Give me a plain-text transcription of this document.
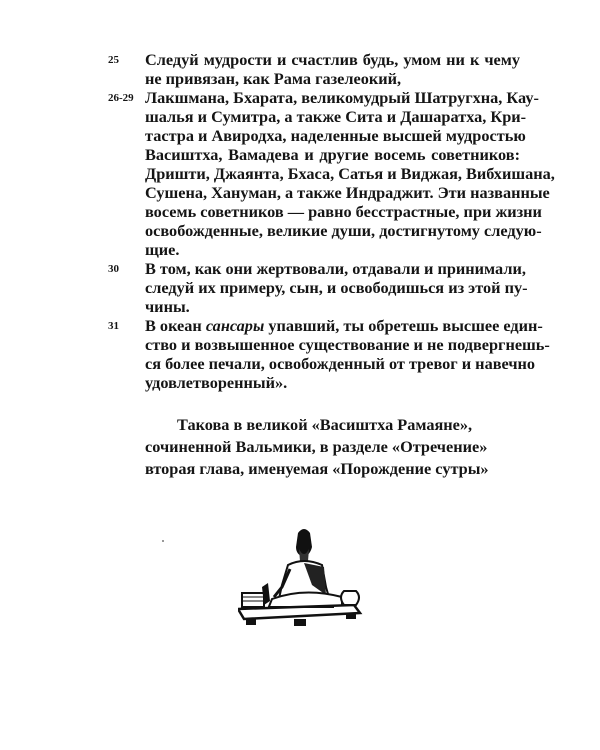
25 Следуй мудрости и счастлив будь, умом ни к чему
не привязан, как Рама газелеокий,
26-29 Лакшмана, Бхарата, великомудрый Шатругхна, Кау-
шалья и Сумитра, а также Сита и Дашаратха, Кри-
тастра и Авиродха, наделенные высшей мудростью
Васиштха, Вамадева и другие восемь советников:
Дришти, Джаянта, Бхаса, Сатья и Виджая, Вибхишана,
Сушена, Хануман, а также Индраджит. Эти названные
восемь советников — равно бесстрастные, при жизни
освобожденные, великие души, достигнутому следую-
щие.
30 В том, как они жертвовали, отдавали и принимали,
следуй их примеру, сын, и освободишься из этой пу-
чины.
31 В океан сансары упавший, ты обретешь высшее един-
ство и возвышенное существование и не подвергнешь-
ся более печали, освобожденный от тревог и навечно
удовлетворенный».
Такова в великой «Васиштха Рамаяне»,
сочиненной Вальмики, в разделе «Отречение»
вторая глава, именуемая «Порождение сутры»
